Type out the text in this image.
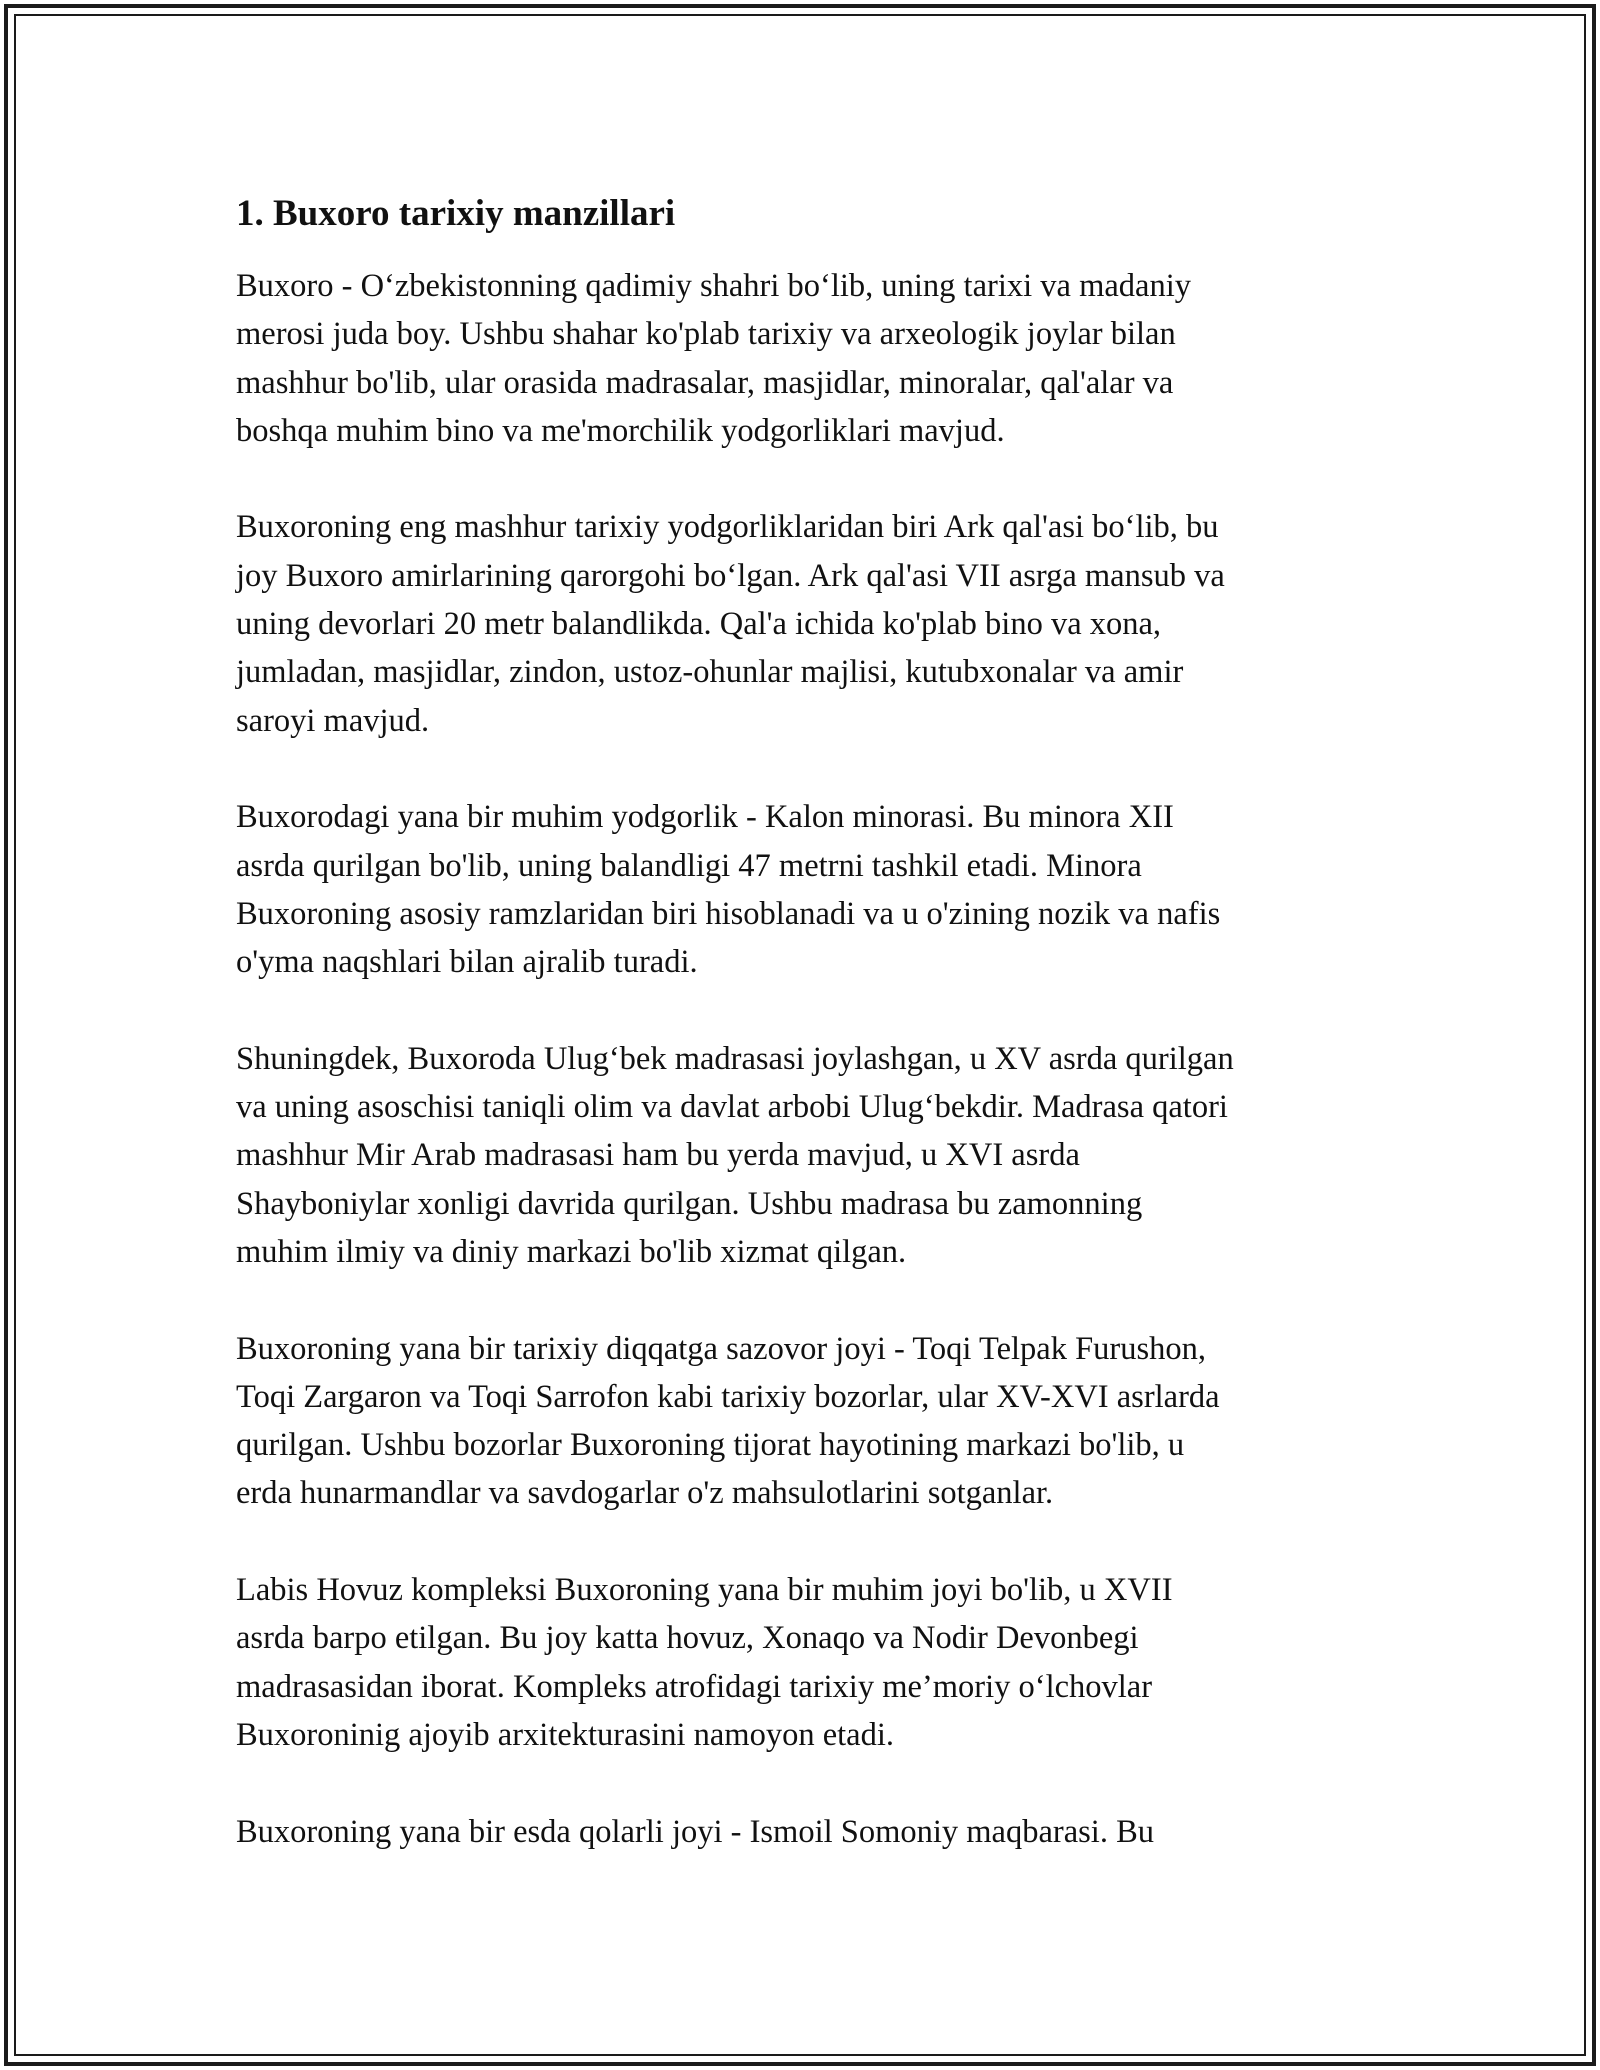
1. Buxoro tarixiy manzillari

Buxoro - O‘zbekistonning qadimiy shahri bo‘lib, uning tarixi va madaniy
merosi juda boy. Ushbu shahar ko'plab tarixiy va arxeologik joylar bilan
mashhur bo'lib, ular orasida madrasalar, masjidlar, minoralar, qal'alar va
boshqa muhim bino va me'morchilik yodgorliklari mavjud.

Buxoroning eng mashhur tarixiy yodgorliklaridan biri Ark qal'asi bo‘lib, bu
joy Buxoro amirlarining qarorgohi bo‘lgan. Ark qal'asi VII asrga mansub va
uning devorlari 20 metr balandlikda. Qal'a ichida ko'plab bino va xona,
jumladan, masjidlar, zindon, ustoz-ohunlar majlisi, kutubxonalar va amir
saroyi mavjud.

Buxorodagi yana bir muhim yodgorlik - Kalon minorasi. Bu minora XII
asrda qurilgan bo'lib, uning balandligi 47 metrni tashkil etadi. Minora
Buxoroning asosiy ramzlaridan biri hisoblanadi va u o'zining nozik va nafis
o'yma naqshlari bilan ajralib turadi.

Shuningdek, Buxoroda Ulug‘bek madrasasi joylashgan, u XV asrda qurilgan
va uning asoschisi taniqli olim va davlat arbobi Ulug‘bekdir. Madrasa qatori
mashhur Mir Arab madrasasi ham bu yerda mavjud, u XVI asrda
Shayboniylar xonligi davrida qurilgan. Ushbu madrasa bu zamonning
muhim ilmiy va diniy markazi bo'lib xizmat qilgan.

Buxoroning yana bir tarixiy diqqatga sazovor joyi - Toqi Telpak Furushon,
Toqi Zargaron va Toqi Sarrofon kabi tarixiy bozorlar, ular XV-XVI asrlarda
qurilgan. Ushbu bozorlar Buxoroning tijorat hayotining markazi bo'lib, u
erda hunarmandlar va savdogarlar o'z mahsulotlarini sotganlar.

Labis Hovuz kompleksi Buxoroning yana bir muhim joyi bo'lib, u XVII
asrda barpo etilgan. Bu joy katta hovuz, Xonaqo va Nodir Devonbegi
madrasasidan iborat. Kompleks atrofidagi tarixiy me’moriy o‘lchovlar
Buxoroninig ajoyib arxitekturasini namoyon etadi.

Buxoroning yana bir esda qolarli joyi - Ismoil Somoniy maqbarasi. Bu
